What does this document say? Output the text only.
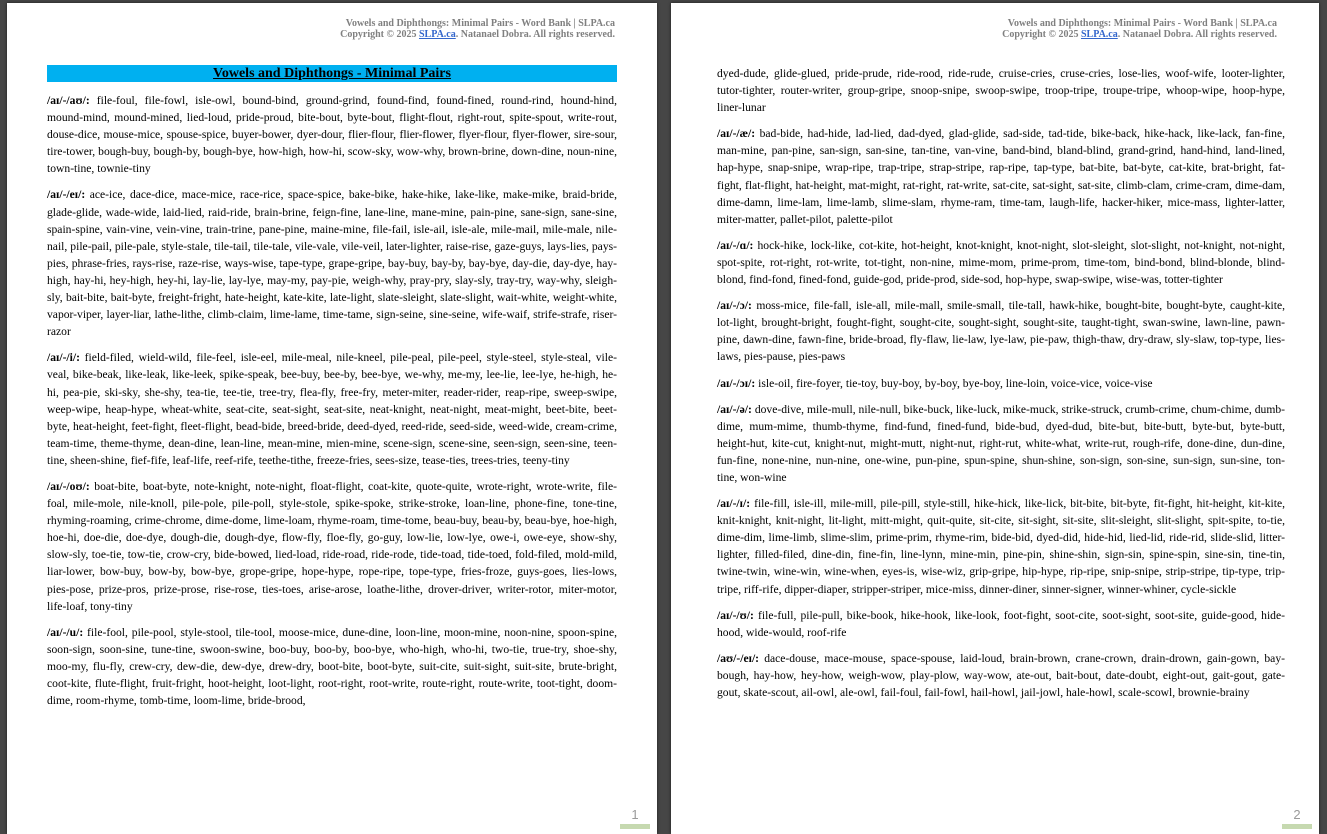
Vowels and Diphthongs: Minimal Pairs - Word Bank | SLPA.ca
Copyright © 2025 SLPA.ca. Natanael Dobra. All rights reserved.
Vowels and Diphthongs - Minimal Pairs

/aɪ/-/aʊ/: file-foul, file-fowl, isle-owl, bound-bind, ground-grind, found-find, found-fined, round-rind, hound-hind, mound-mind, mound-mined, lied-loud, pride-proud, bite-bout, byte-bout, flight-flout, right-rout, spite-spout, write-rout, douse-dice, mouse-mice, spouse-spice, buyer-bower, dyer-dour, flier-flour, flier-flower, flyer-flour, flyer-flower, sire-sour, tire-tower, bough-buy, bough-by, bough-bye, how-high, how-hi, scow-sky, wow-why, brown-brine, down-dine, noun-nine, town-tine, townie-tiny

/aɪ/-/eɪ/: ace-ice, dace-dice, mace-mice, race-rice, space-spice, bake-bike, hake-hike, lake-like, make-mike, braid-bride, glade-glide, wade-wide, laid-lied, raid-ride, brain-brine, feign-fine, lane-line, mane-mine, pain-pine, sane-sign, sane-sine, spain-spine, vain-vine, vein-vine, train-trine, pane-pine, maine-mine, file-fail, isle-ail, isle-ale, mile-mail, mile-male, nile-nail, pile-pail, pile-pale, style-stale, tile-tail, tile-tale, vile-vale, vile-veil, later-lighter, raise-rise, gaze-guys, lays-lies, pays-pies, phrase-fries, rays-rise, raze-rise, ways-wise, tape-type, grape-gripe, bay-buy, bay-by, bay-bye, day-die, day-dye, hay-high, hay-hi, hey-high, hey-hi, lay-lie, lay-lye, may-my, pay-pie, weigh-why, pray-pry, slay-sly, tray-try, way-why, sleigh-sly, bait-bite, bait-byte, freight-fright, hate-height, kate-kite, late-light, slate-sleight, slate-slight, wait-white, weight-white, vapor-viper, layer-liar, lathe-lithe, climb-claim, lime-lame, time-tame, sign-seine, sine-seine, wife-waif, strife-strafe, riser-razor

/aɪ/-/i/: field-filed, wield-wild, file-feel, isle-eel, mile-meal, nile-kneel, pile-peal, pile-peel, style-steel, style-steal, vile-veal, bike-beak, like-leak, like-leek, spike-speak, bee-buy, bee-by, bee-bye, we-why, me-my, lee-lie, lee-lye, he-high, he-hi, pea-pie, ski-sky, she-shy, tea-tie, tee-tie, tree-try, flea-fly, free-fry, meter-miter, reader-rider, reap-ripe, sweep-swipe, weep-wipe, heap-hype, wheat-white, seat-cite, seat-sight, seat-site, neat-knight, neat-night, meat-might, beet-bite, beet-byte, heat-height, feet-fight, fleet-flight, bead-bide, breed-bride, deed-dyed, reed-ride, seed-side, weed-wide, cream-crime, team-time, theme-thyme, dean-dine, lean-line, mean-mine, mien-mine, scene-sign, scene-sine, seen-sign, seen-sine, teen-tine, sheen-shine, fief-fife, leaf-life, reef-rife, teethe-tithe, freeze-fries, sees-size, tease-ties, trees-tries, teeny-tiny

/aɪ/-/oʊ/: boat-bite, boat-byte, note-knight, note-night, float-flight, coat-kite, quote-quite, wrote-right, wrote-write, file-foal, mile-mole, nile-knoll, pile-pole, pile-poll, style-stole, spike-spoke, strike-stroke, loan-line, phone-fine, tone-tine, rhyming-roaming, crime-chrome, dime-dome, lime-loam, rhyme-roam, time-tome, beau-buy, beau-by, beau-bye, hoe-high, hoe-hi, doe-die, doe-dye, dough-die, dough-dye, flow-fly, floe-fly, go-guy, low-lie, low-lye, owe-i, owe-eye, show-shy, slow-sly, toe-tie, tow-tie, crow-cry, bide-bowed, lied-load, ride-road, ride-rode, tide-toad, tide-toed, fold-filed, mold-mild, liar-lower, bow-buy, bow-by, bow-bye, grope-gripe, hope-hype, rope-ripe, tope-type, fries-froze, guys-goes, lies-lows, pies-pose, prize-pros, prize-prose, rise-rose, ties-toes, arise-arose, loathe-lithe, drover-driver, writer-rotor, miter-motor, life-loaf, tony-tiny

/aɪ/-/u/: file-fool, pile-pool, style-stool, tile-tool, moose-mice, dune-dine, loon-line, moon-mine, noon-nine, spoon-spine, soon-sign, soon-sine, tune-tine, swoon-swine, boo-buy, boo-by, boo-bye, who-high, who-hi, two-tie, true-try, shoe-shy, moo-my, flu-fly, crew-cry, dew-die, dew-dye, drew-dry, boot-bite, boot-byte, suit-cite, suit-sight, suit-site, brute-bright, coot-kite, flute-flight, fruit-fright, hoot-height, loot-light, root-right, root-write, route-right, route-write, toot-tight, doom-dime, room-rhyme, tomb-time, loom-lime, bride-brood,

1
Vowels and Diphthongs: Minimal Pairs - Word Bank | SLPA.ca
Copyright © 2025 SLPA.ca. Natanael Dobra. All rights reserved.

dyed-dude, glide-glued, pride-prude, ride-rood, ride-rude, cruise-cries, cruse-cries, lose-lies, woof-wife, looter-lighter, tutor-tighter, router-writer, group-gripe, snoop-snipe, swoop-swipe, troop-tripe, troupe-tripe, whoop-wipe, hoop-hype, liner-lunar

/aɪ/-/æ/: bad-bide, had-hide, lad-lied, dad-dyed, glad-glide, sad-side, tad-tide, bike-back, hike-hack, like-lack, fan-fine, man-mine, pan-pine, san-sign, san-sine, tan-tine, van-vine, band-bind, bland-blind, grand-grind, hand-hind, land-lined, hap-hype, snap-snipe, wrap-ripe, trap-tripe, strap-stripe, rap-ripe, tap-type, bat-bite, bat-byte, cat-kite, brat-bright, fat-fight, flat-flight, hat-height, mat-might, rat-right, rat-write, sat-cite, sat-sight, sat-site, climb-clam, crime-cram, dime-dam, dime-damn, lime-lam, lime-lamb, slime-slam, rhyme-ram, time-tam, laugh-life, hacker-hiker, mice-mass, lighter-latter, miter-matter, pallet-pilot, palette-pilot

/aɪ/-/ɑ/: hock-hike, lock-like, cot-kite, hot-height, knot-knight, knot-night, slot-sleight, slot-slight, not-knight, not-night, spot-spite, rot-right, rot-write, tot-tight, non-nine, mime-mom, prime-prom, time-tom, bind-bond, blind-blonde, blind-blond, find-fond, fined-fond, guide-god, pride-prod, side-sod, hop-hype, swap-swipe, wise-was, totter-tighter

/aɪ/-/ɔ/: moss-mice, file-fall, isle-all, mile-mall, smile-small, tile-tall, hawk-hike, bought-bite, bought-byte, caught-kite, lot-light, brought-bright, fought-fight, sought-cite, sought-sight, sought-site, taught-tight, swan-swine, lawn-line, pawn-pine, dawn-dine, fawn-fine, bride-broad, fly-flaw, lie-law, lye-law, pie-paw, thigh-thaw, dry-draw, sly-slaw, top-type, lies-laws, pies-pause, pies-paws

/aɪ/-/ɔɪ/: isle-oil, fire-foyer, tie-toy, buy-boy, by-boy, bye-boy, line-loin, voice-vice, voice-vise

/aɪ/-/ə/: dove-dive, mile-mull, nile-null, bike-buck, like-luck, mike-muck, strike-struck, crumb-crime, chum-chime, dumb-dime, mum-mime, thumb-thyme, find-fund, fined-fund, bide-bud, dyed-dud, bite-but, bite-butt, byte-but, byte-butt, height-hut, kite-cut, knight-nut, might-mutt, night-nut, right-rut, white-what, write-rut, rough-rife, done-dine, dun-dine, fun-fine, none-nine, nun-nine, one-wine, pun-pine, spun-spine, shun-shine, son-sign, son-sine, sun-sign, sun-sine, ton-tine, won-wine

/aɪ/-/ɪ/: file-fill, isle-ill, mile-mill, pile-pill, style-still, hike-hick, like-lick, bit-bite, bit-byte, fit-fight, hit-height, kit-kite, knit-knight, knit-night, lit-light, mitt-might, quit-quite, sit-cite, sit-sight, sit-site, slit-sleight, slit-slight, spit-spite, to-tie, dime-dim, lime-limb, slime-slim, prime-prim, rhyme-rim, bide-bid, dyed-did, hide-hid, lied-lid, ride-rid, slide-slid, litter-lighter, filled-filed, dine-din, fine-fin, line-lynn, mine-min, pine-pin, shine-shin, sign-sin, spine-spin, sine-sin, tine-tin, twine-twin, wine-win, wine-when, eyes-is, wise-wiz, grip-gripe, hip-hype, rip-ripe, snip-snipe, strip-stripe, tip-type, trip-tripe, riff-rife, dipper-diaper, stripper-striper, mice-miss, dinner-diner, sinner-signer, winner-whiner, cycle-sickle

/aɪ/-/ʊ/: file-full, pile-pull, bike-book, hike-hook, like-look, foot-fight, soot-cite, soot-sight, soot-site, guide-good, hide-hood, wide-would, roof-rife

/aʊ/-/eɪ/: dace-douse, mace-mouse, space-spouse, laid-loud, brain-brown, crane-crown, drain-drown, gain-gown, bay-bough, hay-how, hey-how, weigh-wow, play-plow, way-wow, ate-out, bait-bout, date-doubt, eight-out, gait-gout, gate-gout, skate-scout, ail-owl, ale-owl, fail-foul, fail-fowl, hail-howl, jail-jowl, hale-howl, scale-scowl, brownie-brainy

2
